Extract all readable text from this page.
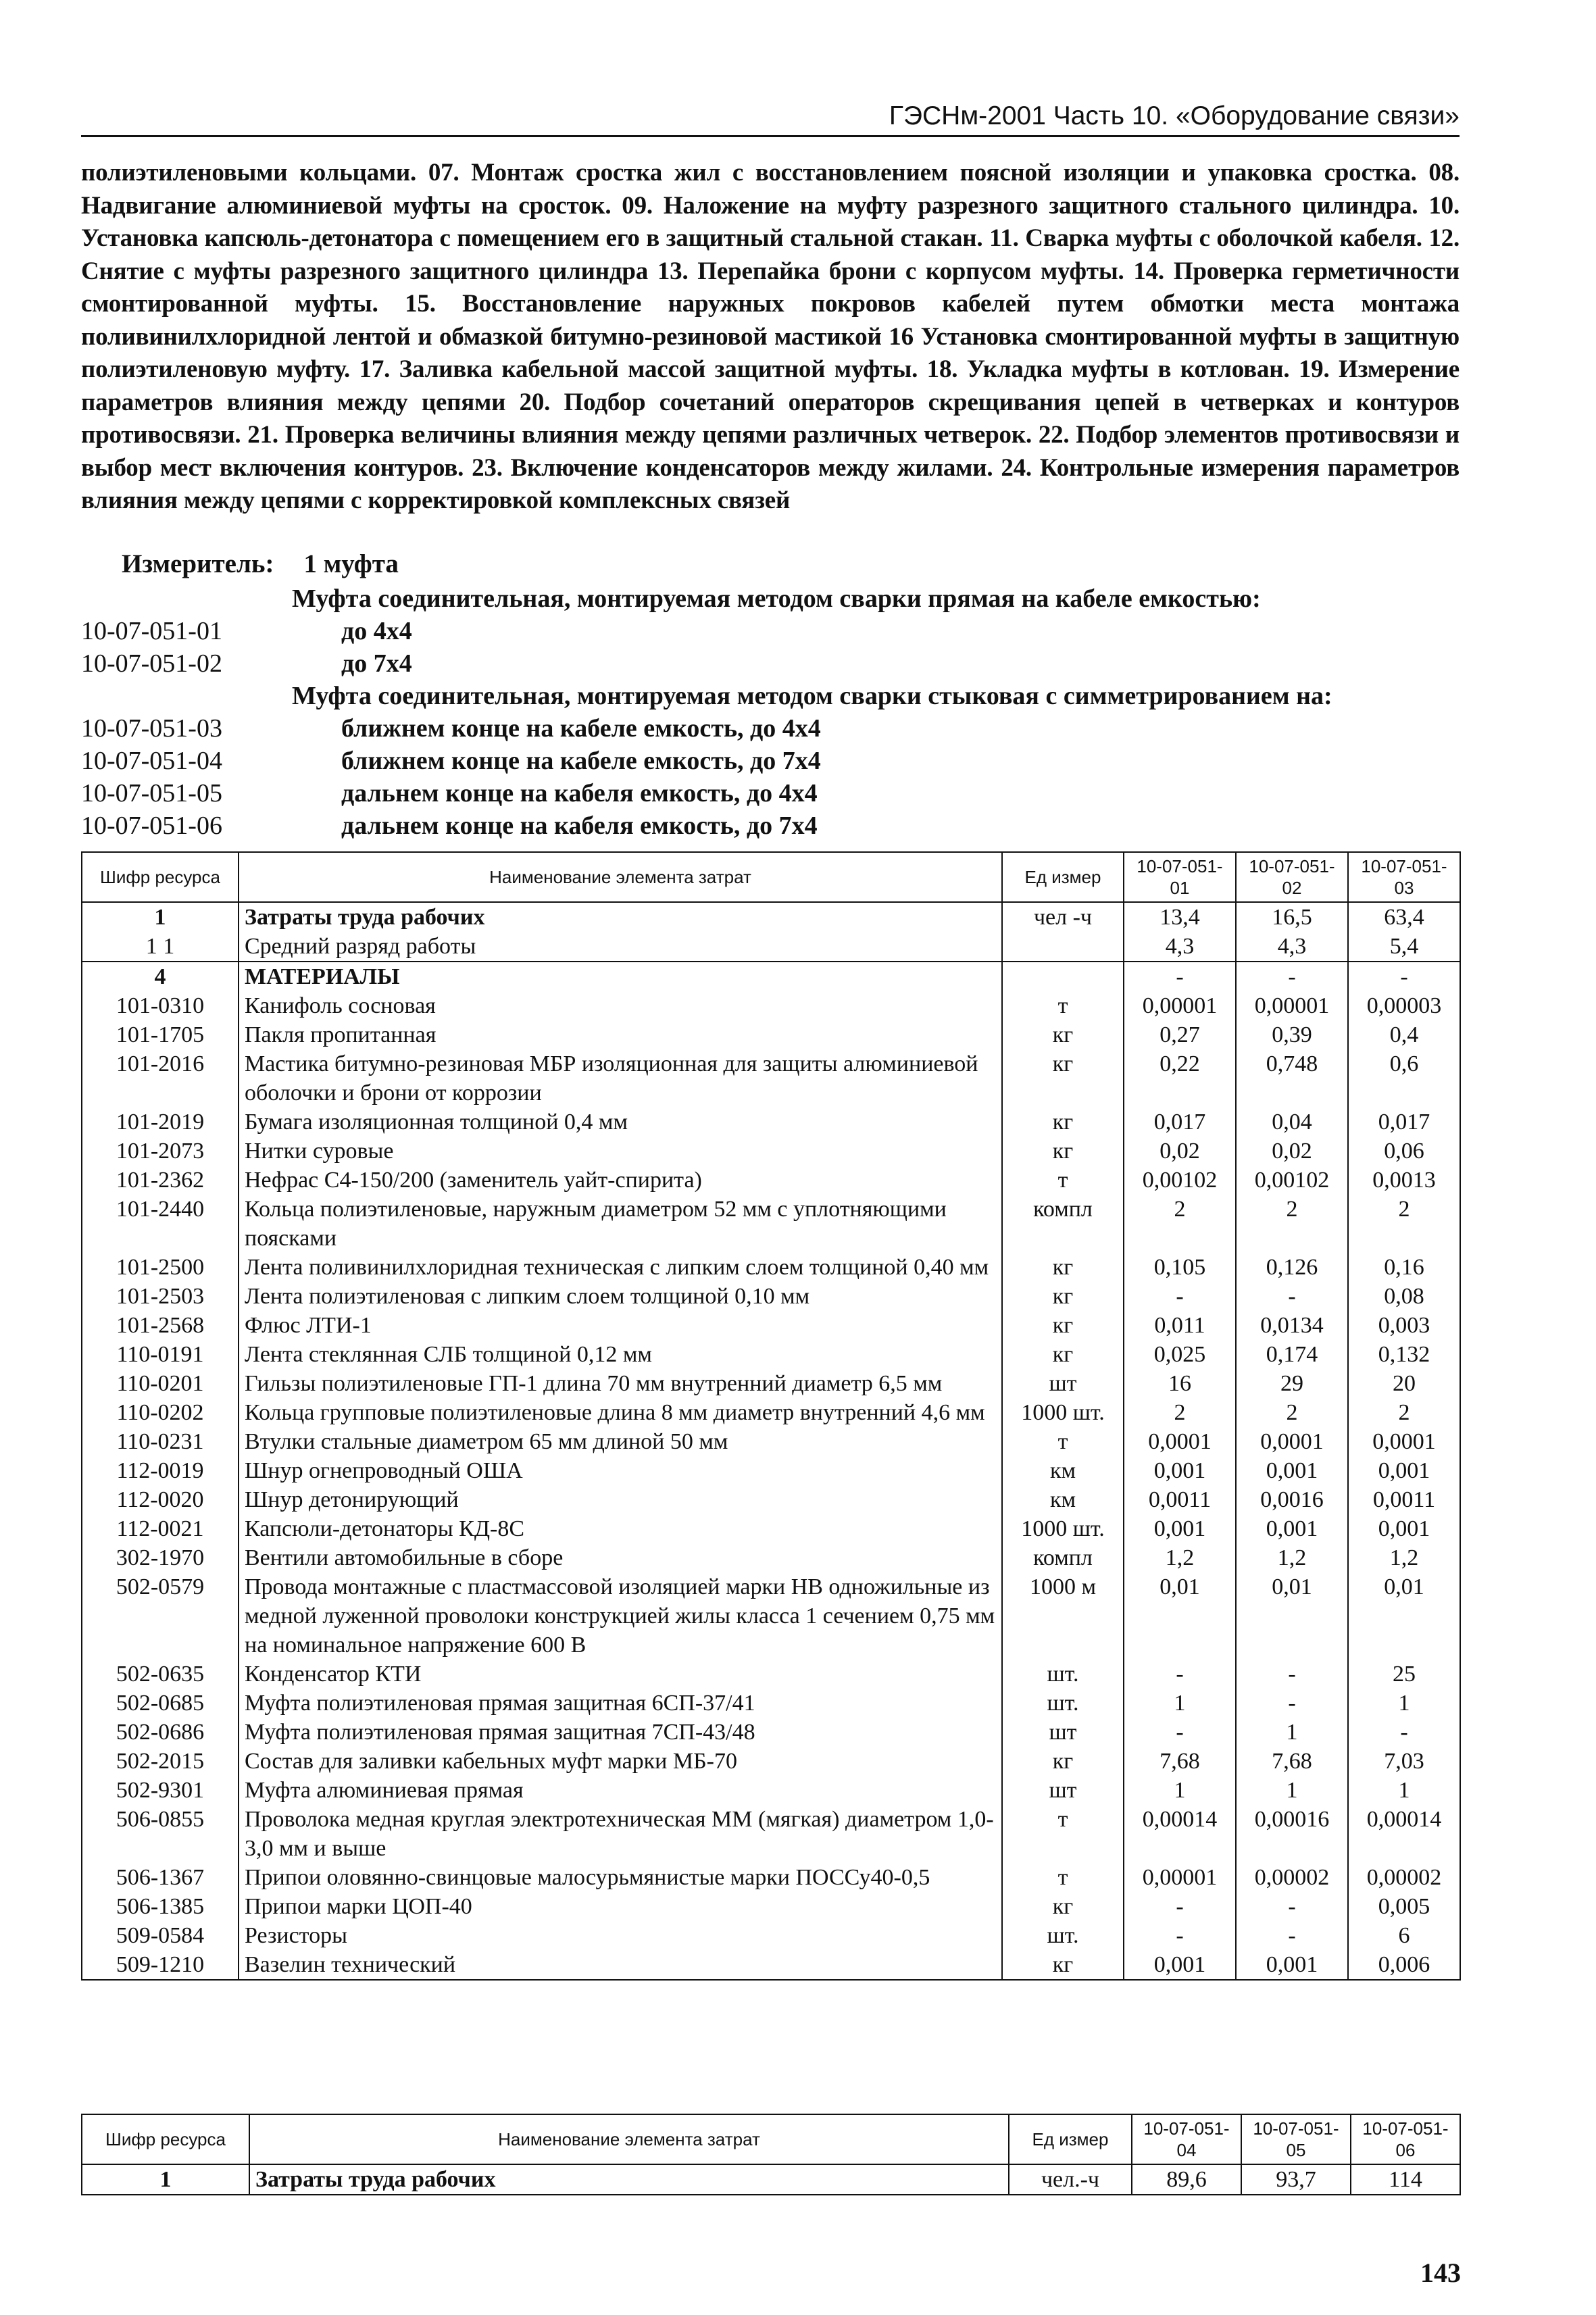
ГЭСНм-2001 Часть 10. «Оборудование связи»
полиэтиленовыми кольцами. 07. Монтаж сростка жил с восстановлением поясной изоляции и упаковка сростка. 08. Надвигание алюминиевой муфты на сросток. 09. Наложение на муфту разрезного защитного стального цилиндра. 10. Установка капсюль-детонатора с помещением его в защитный стальной стакан. 11. Сварка муфты с оболочкой кабеля. 12. Снятие с муфты разрезного защитного цилиндра 13. Перепайка брони с корпусом муфты. 14. Проверка герметичности смонтированной муфты. 15. Восстановление наружных покровов кабелей путем обмотки места монтажа поливинилхлоридной лентой и обмазкой битумно-резиновой мастикой 16 Установка смонтированной муфты в защитную полиэтиленовую муфту. 17. Заливка кабельной массой защитной муфты. 18. Укладка муфты в котлован. 19. Измерение параметров влияния между цепями 20. Подбор сочетаний операторов скрещивания цепей в четверках и контуров противосвязи. 21. Проверка величины влияния между цепями различных четверок. 22. Подбор элементов противосвязи и выбор мест включения контуров. 23. Включение конденсаторов между жилами. 24. Контрольные измерения параметров влияния между цепями с корректировкой комплексных связей
Измеритель: 1 муфта
Муфта соединительная, монтируемая методом сварки прямая на кабеле емкостью:
10-07-051-01	до 4х4
10-07-051-02	до 7х4
Муфта соединительная, монтируемая методом сварки стыковая с симметрированием на:
10-07-051-03	ближнем конце на кабеле емкость, до 4х4
10-07-051-04	ближнем конце на кабеле емкость, до 7х4
10-07-051-05	дальнем конце на кабеля емкость, до 4х4
10-07-051-06	дальнем конце на кабеля емкость, до 7х4
Шифр ресурса	Наименование элемента затрат	Ед измер	10-07-051-01	10-07-051-02	10-07-051-03
1	Затраты труда рабочих	чел -ч	13,4	16,5	63,4
1 1	Средний разряд работы		4,3	4,3	5,4
4	МАТЕРИАЛЫ		-	-	-
101-0310	Канифоль сосновая	т	0,00001	0,00001	0,00003
101-1705	Пакля пропитанная	кг	0,27	0,39	0,4
101-2016	Мастика битумно-резиновая МБР изоляционная для защиты алюминиевой оболочки и брони от коррозии	кг	0,22	0,748	0,6
101-2019	Бумага изоляционная толщиной 0,4 мм	кг	0,017	0,04	0,017
101-2073	Нитки суровые	кг	0,02	0,02	0,06
101-2362	Нефрас С4-150/200 (заменитель уайт-спирита)	т	0,00102	0,00102	0,0013
101-2440	Кольца полиэтиленовые, наружным диаметром 52 мм с уплотняющими поясками	компл	2	2	2
101-2500	Лента поливинилхлоридная техническая с липким слоем толщиной 0,40 мм	кг	0,105	0,126	0,16
101-2503	Лента полиэтиленовая с липким слоем толщиной 0,10 мм	кг	-	-	0,08
101-2568	Флюс ЛТИ-1	кг	0,011	0,0134	0,003
110-0191	Лента стеклянная СЛБ толщиной 0,12 мм	кг	0,025	0,174	0,132
110-0201	Гильзы полиэтиленовые ГП-1 длина 70 мм внутренний диаметр 6,5 мм	шт	16	29	20
110-0202	Кольца групповые полиэтиленовые длина 8 мм диаметр внутренний 4,6 мм	1000 шт.	2	2	2
110-0231	Втулки стальные диаметром 65 мм длиной 50 мм	т	0,0001	0,0001	0,0001
112-0019	Шнур огнепроводный ОША	км	0,001	0,001	0,001
112-0020	Шнур детонирующий	км	0,0011	0,0016	0,0011
112-0021	Капсюли-детонаторы КД-8С	1000 шт.	0,001	0,001	0,001
302-1970	Вентили автомобильные в сборе	компл	1,2	1,2	1,2
502-0579	Провода монтажные с пластмассовой изоляцией марки НВ одножильные из медной луженной проволоки конструкцией жилы класса 1 сечением 0,75 мм на номинальное напряжение 600 В	1000 м	0,01	0,01	0,01
502-0635	Конденсатор КТИ	шт.	-	-	25
502-0685	Муфта полиэтиленовая прямая защитная 6СП-37/41	шт.	1	-	1
502-0686	Муфта полиэтиленовая прямая защитная 7СП-43/48	шт	-	1	-
502-2015	Состав для заливки кабельных муфт марки МБ-70	кг	7,68	7,68	7,03
502-9301	Муфта алюминиевая прямая	шт	1	1	1
506-0855	Проволока медная круглая электротехническая ММ (мягкая) диаметром 1,0-3,0 мм и выше	т	0,00014	0,00016	0,00014
506-1367	Припои оловянно-свинцовые малосурьмянистые марки ПОССу40-0,5	т	0,00001	0,00002	0,00002
506-1385	Припои марки ЦОП-40	кг	-	-	0,005
509-0584	Резисторы	шт.	-	-	6
509-1210	Вазелин технический	кг	0,001	0,001	0,006
Шифр ресурса	Наименование элемента затрат	Ед измер	10-07-051-04	10-07-051-05	10-07-051-06
1	Затраты труда рабочих	чел.-ч	89,6	93,7	114
143
